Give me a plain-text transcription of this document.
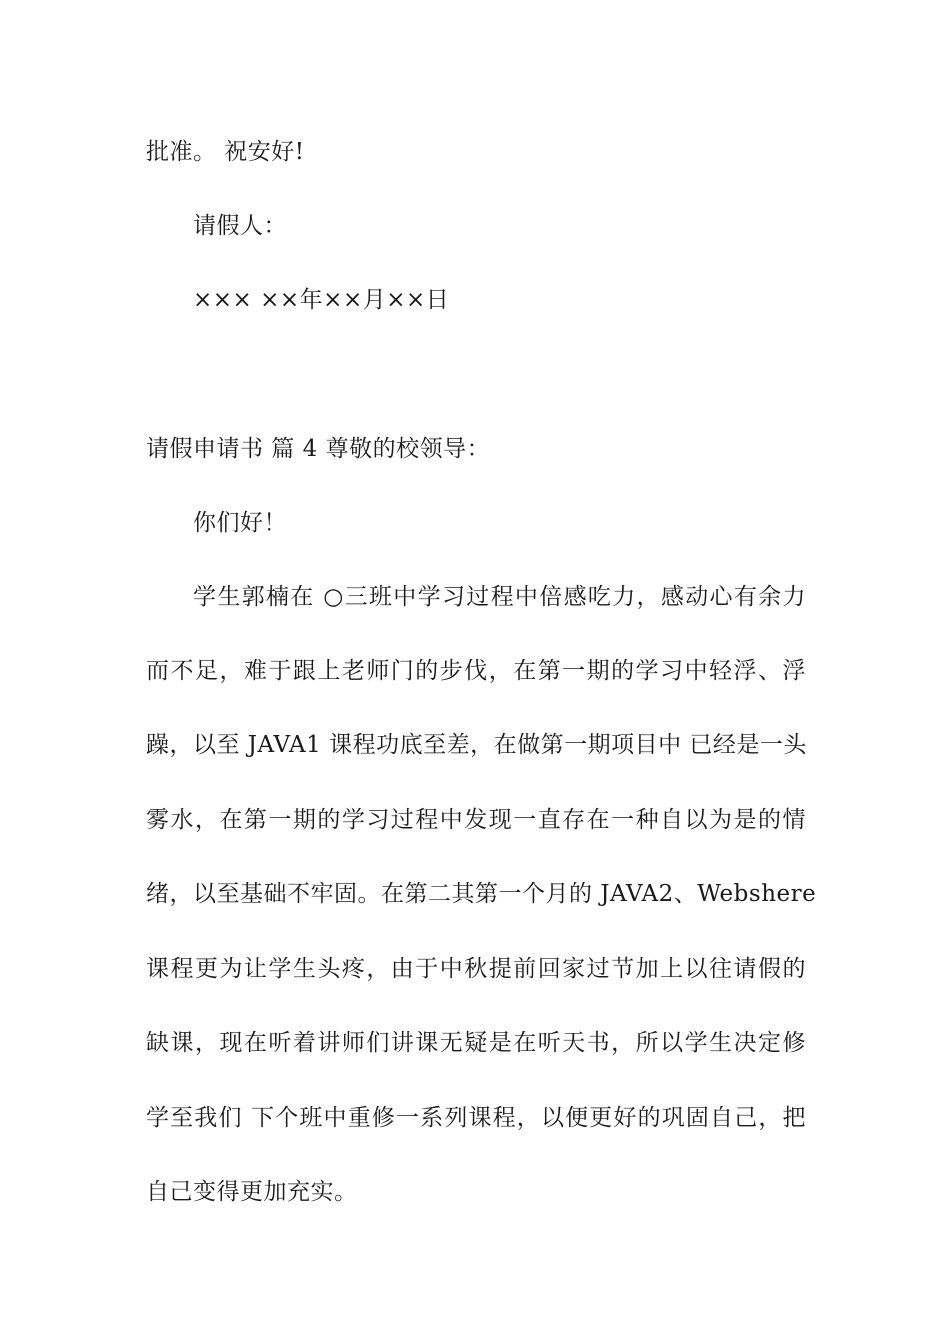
批准。 祝安好!
请假人：
××× ××年××月××日
请假申请书 篇 4 尊敬的校领导：
你们好！
学生郭楠在 ○三班中学习过程中倍感吃力，感动心有余力
而不足，难于跟上老师门的步伐，在第一期的学习中轻浮、浮
躁，以至 JAVA1 课程功底至差，在做第一期项目中 已经是一头
雾水，在第一期的学习过程中发现一直存在一种自以为是的情
绪，以至基础不牢固。在第二其第一个月的 JAVA2、Webshere
课程更为让学生头疼，由于中秋提前回家过节加上以往请假的
缺课，现在听着讲师们讲课无疑是在听天书，所以学生决定修
学至我们 下个班中重修一系列课程，以便更好的巩固自己，把
自己变得更加充实。
